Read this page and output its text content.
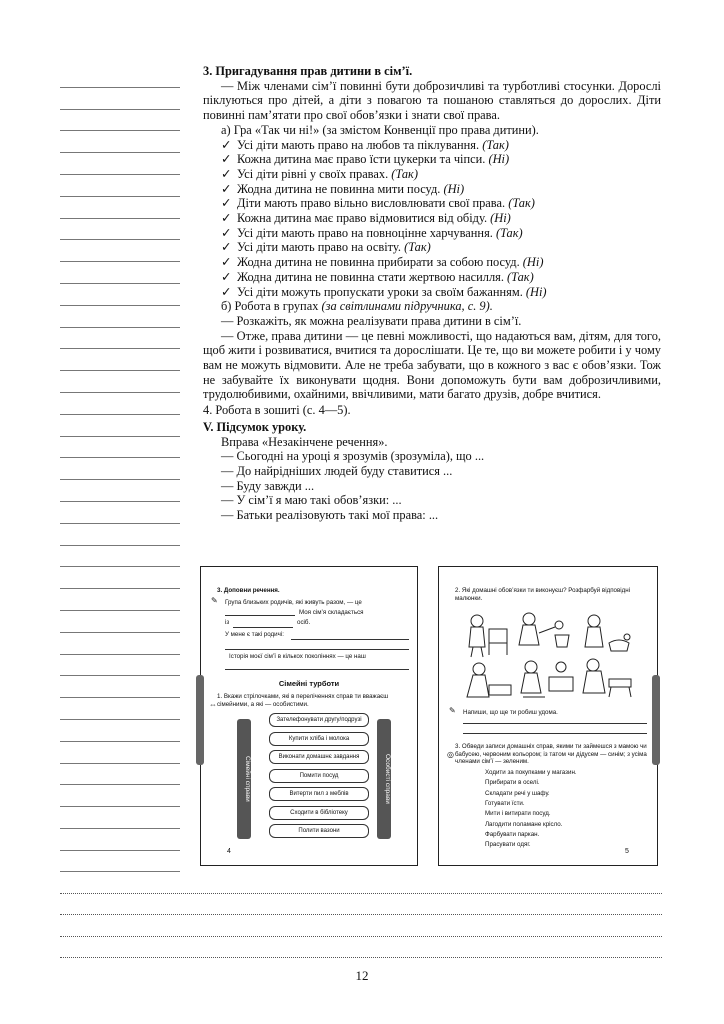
3. Пригадування прав дитини в сім’ї.

— Між членами сім’ї повинні бути доброзичливі та турботливі стосунки. Дорослі піклуються про дітей, а діти з повагою та пошаною ставляться до дорослих. Діти повинні пам’ятати про свої обов’язки і знати свої права.

а) Гра «Так чи ні!» (за змістом Конвенції про права дитини).

✓ Усі діти мають право на любов та піклування. (Так)

✓ Кожна дитина має право їсти цукерки та чіпси. (Ні)

✓ Усі діти рівні у своїх правах. (Так)

✓ Жодна дитина не повинна мити посуд. (Ні)

✓ Діти мають право вільно висловлювати свої права. (Так)

✓ Кожна дитина має право відмовитися від обіду. (Ні)

✓ Усі діти мають право на повноцінне харчування. (Так)

✓ Усі діти мають право на освіту. (Так)

✓ Жодна дитина не повинна прибирати за собою посуд. (Ні)

✓ Жодна дитина не повинна стати жертвою насилля. (Так)

✓ Усі діти можуть пропускати уроки за своїм бажанням. (Ні)

б) Робота в групах (за світлинами підручника, с. 9).

— Розкажіть, як можна реалізувати права дитини в сім’ї.

— Отже, права дитини — це певні можливості, що надаються вам, дітям, для того, щоб жити і розвиватися, вчитися та дорослішати. Це те, що ви можете робити і у чому вам не можуть відмовити. Але не треба забувати, що в кожного з вас є обов’язки. Тож не забувайте їх виконувати щодня. Вони допоможуть бути вам доброзичливими, трудолюбивими, охайними, ввічливими, мати багато друзів, добре вчитися.

4. Робота в зошиті (с. 4—5).

V. Підсумок уроку.

Вправа «Незакінчене речення».

— Сьогодні на уроці я зрозумів (зрозуміла), що ...

— До найрідніших людей буду ставитися ...

— Буду завжди ...

— У сім’ї я маю такі обов’язки: ...

— Батьки реалізовують такі мої права: ...

3. Доповни речення.
✎ Група близьких родичів, які живуть разом, — це
Моя сім’я складається
із	осіб.
У мене є такі родичі:
Історія моєї сім’ї в кількох поколіннях — це наш
Сімейні турботи
1. Вкажи стрілочками, які в переліченнях справ ти вважаєш сімейними, а які — особистими.
⇔
Сімейні справи	Особисті справи
Зателефонувати другу/подрузі
Купити хліба і молока
Виконати домашнє завдання
Помити посуд
Витерти пил з меблів
Сходити в бібліотеку
Полити вазони
4
2. Які домашні обов’язки ти виконуєш? Розфарбуй відповідні малюнки.
✎ Напиши, що ще ти робиш удома.
3. Обведи записи домашніх справ, якими ти займешся з мамою чи бабусею, червоним кольором; із татом чи дідусем — синім; з усіма членами сім’ї — зеленим.
◎
Ходити за покупками у магазин.
Прибирати в оселі.
Складати речі у шафу.
Готувати їсти.
Мити і витирати посуд.
Лагодити поламане крісло.
Фарбувати паркан.
Прасувати одяг.
5
12
